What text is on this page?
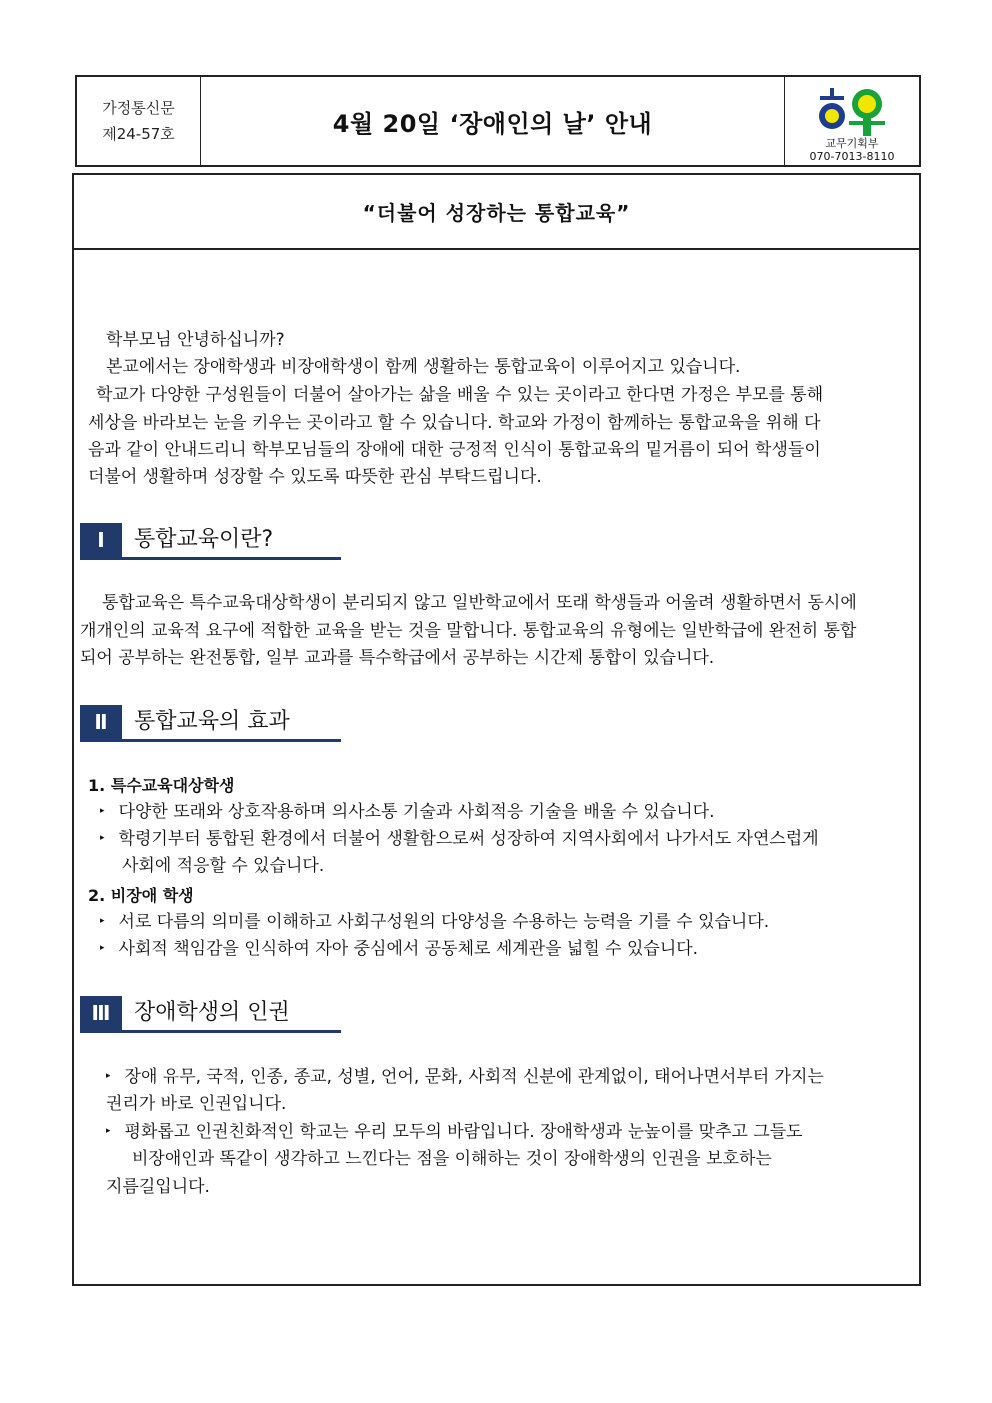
가정통신문
제24-57호	4월 20일 ‘장애인의 날’ 안내
교무기획부
070-7013-8110
“더불어 성장하는 통합교육”
학부모님 안녕하십니까?
본교에서는 장애학생과 비장애학생이 함께 생활하는 통합교육이 이루어지고 있습니다.
학교가 다양한 구성원들이 더불어 살아가는 삶을 배울 수 있는 곳이라고 한다면 가정은 부모를 통해
세상을 바라보는 눈을 키우는 곳이라고 할 수 있습니다. 학교와 가정이 함께하는 통합교육을 위해 다
음과 같이 안내드리니 학부모님들의 장애에 대한 긍정적 인식이 통합교육의 밑거름이 되어 학생들이
더불어 생활하며 성장할 수 있도록 따뜻한 관심 부탁드립니다.
Ⅰ	통합교육이란?
통합교육은 특수교육대상학생이 분리되지 않고 일반학교에서 또래 학생들과 어울려 생활하면서 동시에
개개인의 교육적 요구에 적합한 교육을 받는 것을 말합니다. 통합교육의 유형에는 일반학급에 완전히 통합
되어 공부하는 완전통합, 일부 교과를 특수학급에서 공부하는 시간제 통합이 있습니다.
Ⅱ	통합교육의 효과
1. 특수교육대상학생
▸ 다양한 또래와 상호작용하며 의사소통 기술과 사회적응 기술을 배울 수 있습니다.
▸ 학령기부터 통합된 환경에서 더불어 생활함으로써 성장하여 지역사회에서 나가서도 자연스럽게
사회에 적응할 수 있습니다.
2. 비장애 학생
▸ 서로 다름의 의미를 이해하고 사회구성원의 다양성을 수용하는 능력을 기를 수 있습니다.
▸ 사회적 책임감을 인식하여 자아 중심에서 공동체로 세계관을 넓힐 수 있습니다.
Ⅲ	장애학생의 인권
▸ 장애 유무, 국적, 인종, 종교, 성별, 언어, 문화, 사회적 신분에 관계없이, 태어나면서부터 가지는
권리가 바로 인권입니다.
▸ 평화롭고 인권친화적인 학교는 우리 모두의 바람입니다. 장애학생과 눈높이를 맞추고 그들도
비장애인과 똑같이 생각하고 느낀다는 점을 이해하는 것이 장애학생의 인권을 보호하는
지름길입니다.
